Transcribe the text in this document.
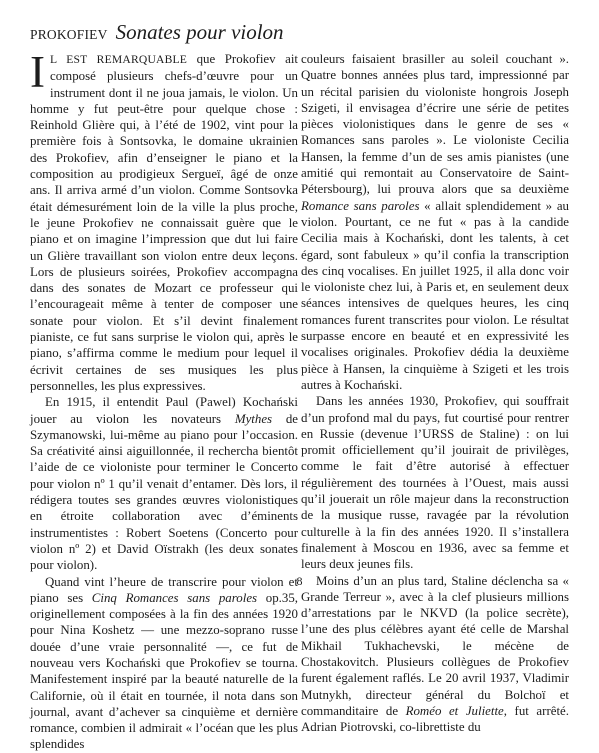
PROKOFIEV Sonates pour violon

I L EST REMARQUABLE que Prokofiev ait composé plusieurs chefs-d’œuvre pour un instrument dont il ne joua jamais, le violon. Un homme y fut peut-être pour quelque chose : Reinhold Glière qui, à l’été de 1902, vint pour la première fois à Sontsovka, le domaine ukrainien des Prokofiev, afin d’enseigner le piano et la composition au prodigieux Sergueï, âgé de onze ans. Il arriva armé d’un violon. Comme Sontsovka était démesurément loin de la ville la plus proche, le jeune Prokofiev ne connaissait guère que le piano et on imagine l’impression que dut lui faire un Glière travaillant son violon entre deux leçons. Lors de plusieurs soirées, Prokofiev accompagna dans des sonates de Mozart ce professeur qui l’encourageait même à tenter de composer une sonate pour violon. Et s’il devint finalement pianiste, ce fut sans surprise le violon qui, après le piano, s’affirma comme le medium pour lequel il écrivit certaines de ses musiques les plus personnelles, les plus expressives.

En 1915, il entendit Paul (Pawel) Kochański jouer au violon les novateurs Mythes de Szymanowski, lui-même au piano pour l’occasion. Sa créativité ainsi aiguillonnée, il rechercha bientôt l’aide de ce violoniste pour terminer le Concerto pour violon nº 1 qu’il venait d’entamer. Dès lors, il rédigera toutes ses grandes œuvres violonistiques en étroite collaboration avec d’éminents instrumentistes : Robert Soetens (Concerto pour violon nº 2) et David Oïstrakh (les deux sonates pour violon).

Quand vint l’heure de transcrire pour violon et piano ses Cinq Romances sans paroles op.35, originellement composées à la fin des années 1920 pour Nina Koshetz — une mezzo-soprano russe douée d’une vraie personnalité —, ce fut de nouveau vers Kochański que Prokofiev se tourna. Manifestement inspiré par la beauté naturelle de la Californie, où il était en tournée, il nota dans son journal, avant d’achever sa cinquième et dernière romance, combien il admirait « l’océan que les plus splendides

couleurs faisaient brasiller au soleil couchant ». Quatre bonnes années plus tard, impressionné par un récital parisien du violoniste hongrois Joseph Szigeti, il envisagea d’écrire une série de petites pièces violonistiques dans le genre de ses « Romances sans paroles ». Le violoniste Cecilia Hansen, la femme d’un de ses amis pianistes (une amitié qui remontait au Conservatoire de Saint-Pétersbourg), lui prouva alors que sa deuxième Romance sans paroles « allait splendidement » au violon. Pourtant, ce ne fut « pas à la candide Cecilia mais à Kochański, dont les talents, à cet égard, sont fabuleux » qu’il confia la transcription des cinq vocalises. En juillet 1925, il alla donc voir le violoniste chez lui, à Paris et, en seulement deux séances intensives de quelques heures, les cinq romances furent transcrites pour violon. Le résultat surpasse encore en beauté et en expressivité les vocalises originales. Prokofiev dédia la deuxième pièce à Hansen, la cinquième à Szigeti et les trois autres à Kochański.

Dans les années 1930, Prokofiev, qui souffrait d’un profond mal du pays, fut courtisé pour rentrer en Russie (devenue l’URSS de Staline) : on lui promit officiellement qu’il jouirait de privilèges, comme le fait d’être autorisé à effectuer régulièrement des tournées à l’Ouest, mais aussi qu’il jouerait un rôle majeur dans la reconstruction de la musique russe, ravagée par la révolution culturelle à la fin des années 1920. Il s’installera finalement à Moscou en 1936, avec sa femme et leurs deux jeunes fils.

Moins d’un an plus tard, Staline déclencha sa « Grande Terreur », avec à la clef plusieurs millions d’arrestations par le NKVD (la police secrète), l’une des plus célèbres ayant été celle de Marshal Mikhail Tukhachevski, le mécène de Chostakovitch. Plusieurs collègues de Prokofiev furent également raflés. Le 20 avril 1937, Vladimir Mutnykh, directeur général du Bolchoï et commanditaire de Roméo et Juliette, fut arrêté. Adrian Piotrovski, co-librettiste du

8
